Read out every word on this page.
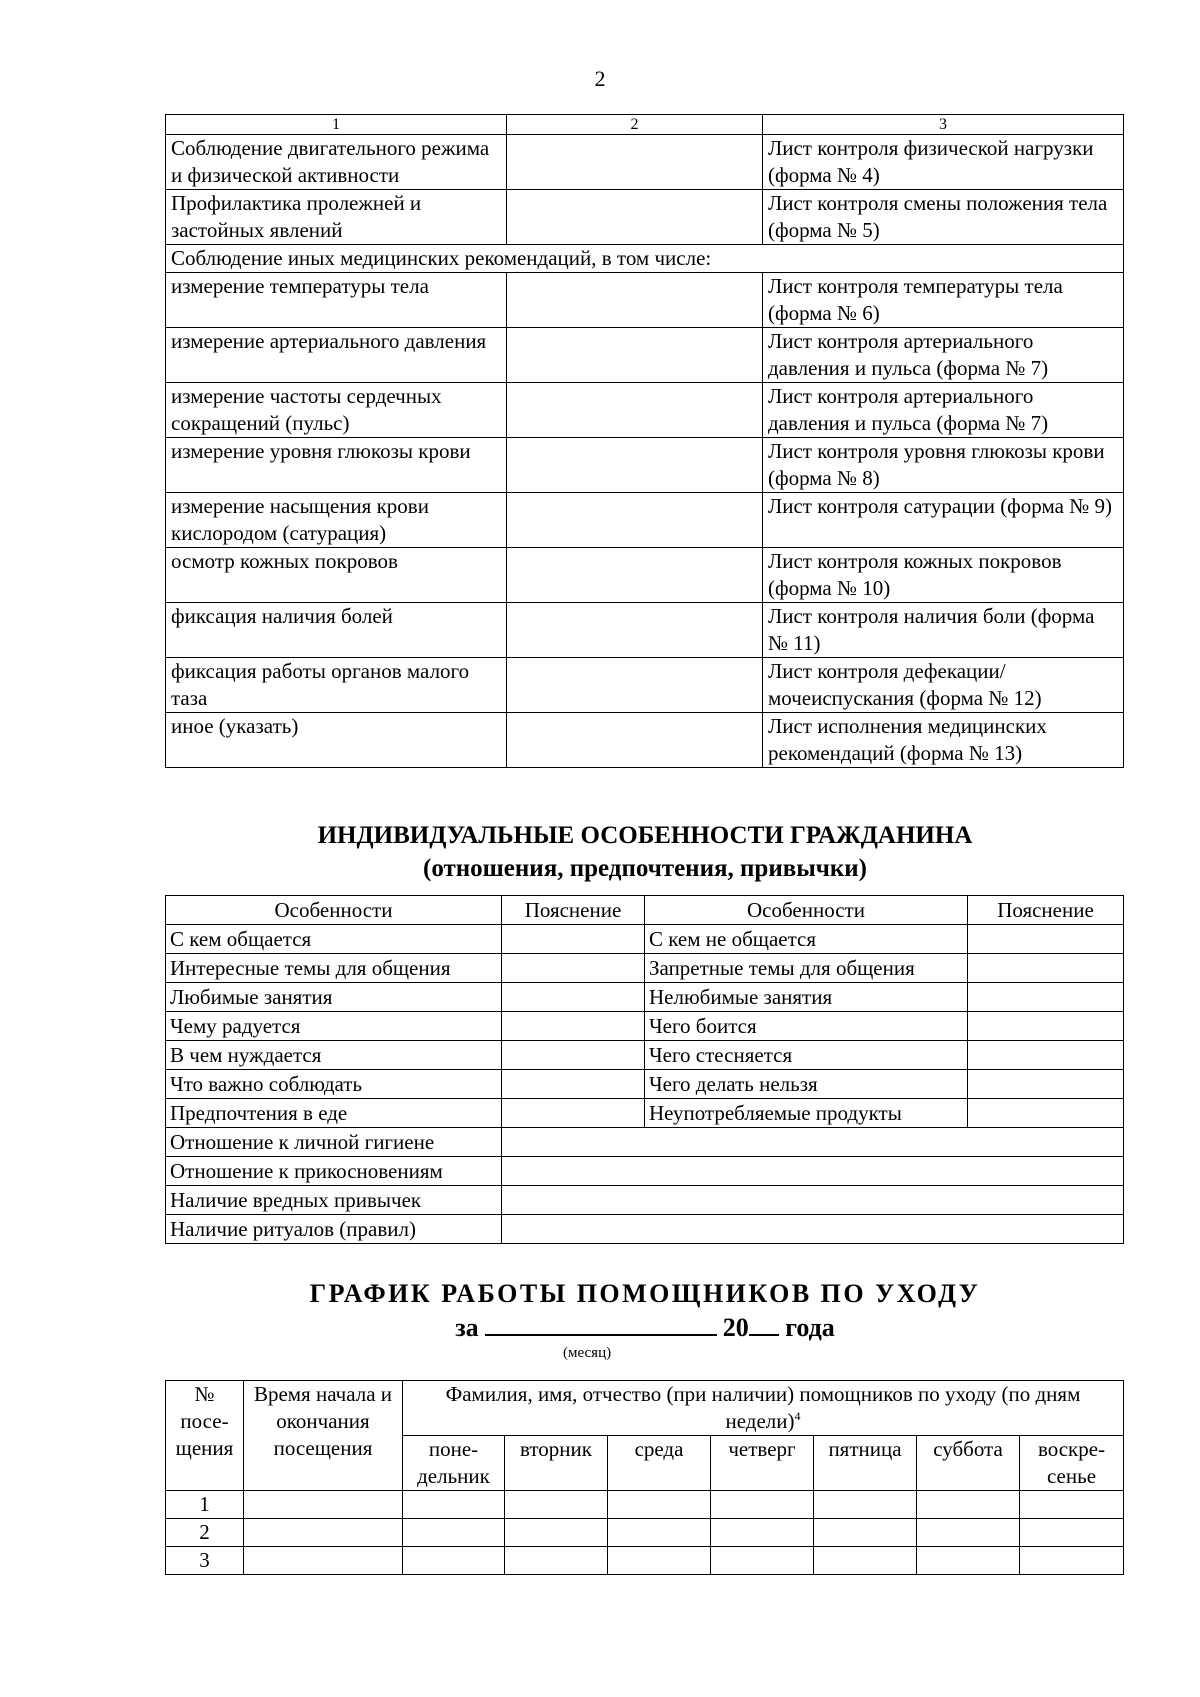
2
1	2	3
Соблюдение двигательного режима и физической активности		Лист контроля физической нагрузки (форма № 4)
Профилактика пролежней и застойных явлений		Лист контроля смены положения тела (форма № 5)
Соблюдение иных медицинских рекомендаций, в том числе:		
измерение температуры тела		Лист контроля температуры тела (форма № 6)
измерение артериального давления		Лист контроля артериального давления и пульса (форма № 7)
измерение частоты сердечных сокращений (пульс)		Лист контроля артериального давления и пульса (форма № 7)
измерение уровня глюкозы крови		Лист контроля уровня глюкозы крови (форма № 8)
измерение насыщения крови кислородом (сатурация)		Лист контроля сатурации (форма № 9)
осмотр кожных покровов		Лист контроля кожных покровов (форма № 10)
фиксация наличия болей		Лист контроля наличия боли (форма № 11)
фиксация работы органов малого таза		Лист контроля дефекации/ мочеиспускания (форма № 12)
иное (указать)		Лист исполнения медицинских рекомендаций (форма № 13)
ИНДИВИДУАЛЬНЫЕ ОСОБЕННОСТИ ГРАЖДАНИНА
(отношения, предпочтения, привычки)
Особенности	Пояснение	Особенности	Пояснение
С кем общается		С кем не общается	
Интересные темы для общения		Запретные темы для общения	
Любимые занятия		Нелюбимые занятия	
Чему радуется		Чего боится	
В чем нуждается		Чего стесняется	
Что важно соблюдать		Чего делать нельзя	
Предпочтения в еде		Неупотребляемые продукты	
Отношение к личной гигиене			
Отношение к прикосновениям			
Наличие вредных привычек			
Наличие ритуалов (правил)			
ГРАФИК РАБОТЫ ПОМОЩНИКОВ ПО УХОДУ
за	20 года
(месяц)
№ посе- щения	Время начала и окончания посещения	Фамилия, имя, отчество (при наличии) помощников по уходу (по дням недели)$^4$
		поне- дельник	вторник	среда	четверг	пятница	суббота	воскре- сенье
1								
2								
3								
